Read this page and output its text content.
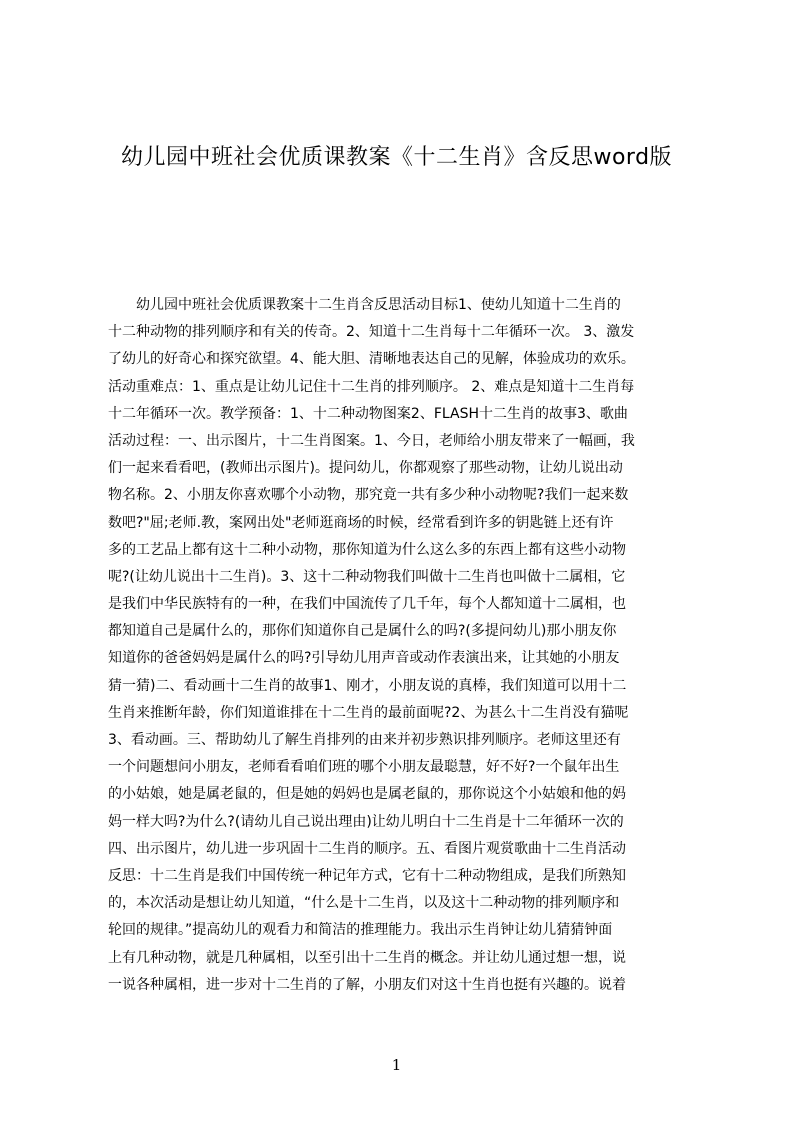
幼儿园中班社会优质课教案《十二生肖》含反思word版
　　幼儿园中班社会优质课教案十二生肖含反思活动目标1、使幼儿知道十二生肖的
十二种动物的排列顺序和有关的传奇。2、知道十二生肖每十二年循环一次。 3、激发
了幼儿的好奇心和探究欲望。4、能大胆、清晰地表达自己的见解，体验成功的欢乐。
活动重难点：1、重点是让幼儿记住十二生肖的排列顺序。 2、难点是知道十二生肖每
十二年循环一次。教学预备：1、十二种动物图案2、FLASH十二生肖的故事3、歌曲
活动过程：一、出示图片，十二生肖图案。1、今日，老师给小朋友带来了一幅画，我
们一起来看看吧，(教师出示图片)。提问幼儿，你都观察了那些动物，让幼儿说出动
物名称。2、小朋友你喜欢哪个小动物，那究竟一共有多少种小动物呢?我们一起来数
数吧?"屈;老师.教，案网出处"老师逛商场的时候，经常看到许多的钥匙链上还有许
多的工艺品上都有这十二种小动物，那你知道为什么这么多的东西上都有这些小动物
呢?(让幼儿说出十二生肖)。3、这十二种动物我们叫做十二生肖也叫做十二属相，它
是我们中华民族特有的一种，在我们中国流传了几千年，每个人都知道十二属相，也
都知道自己是属什么的，那你们知道你自己是属什么的吗?(多提问幼儿)那小朋友你
知道你的爸爸妈妈是属什么的吗?引导幼儿用声音或动作表演出来，让其她的小朋友
猜一猜)二、看动画十二生肖的故事1、刚才，小朋友说的真棒，我们知道可以用十二
生肖来推断年龄，你们知道谁排在十二生肖的最前面呢?2、为甚么十二生肖没有猫呢
3、看动画。三、帮助幼儿了解生肖排列的由来并初步熟识排列顺序。老师这里还有
一个问题想问小朋友，老师看看咱们班的哪个小朋友最聪慧，好不好?一个鼠年出生
的小姑娘，她是属老鼠的，但是她的妈妈也是属老鼠的，那你说这个小姑娘和他的妈
妈一样大吗?为什么?(请幼儿自己说出理由)让幼儿明白十二生肖是十二年循环一次的
四、出示图片，幼儿进一步巩固十二生肖的顺序。五、看图片观赏歌曲十二生肖活动
反思：十二生肖是我们中国传统一种记年方式，它有十二种动物组成，是我们所熟知
的，本次活动是想让幼儿知道，“什么是十二生肖，以及这十二种动物的排列顺序和
轮回的规律。”提高幼儿的观看力和简洁的推理能力。我出示生肖钟让幼儿猜猜钟面
上有几种动物，就是几种属相，以至引出十二生肖的概念。并让幼儿通过想一想，说
一说各种属相，进一步对十二生肖的了解，小朋友们对这十生肖也挺有兴趣的。说着

1
